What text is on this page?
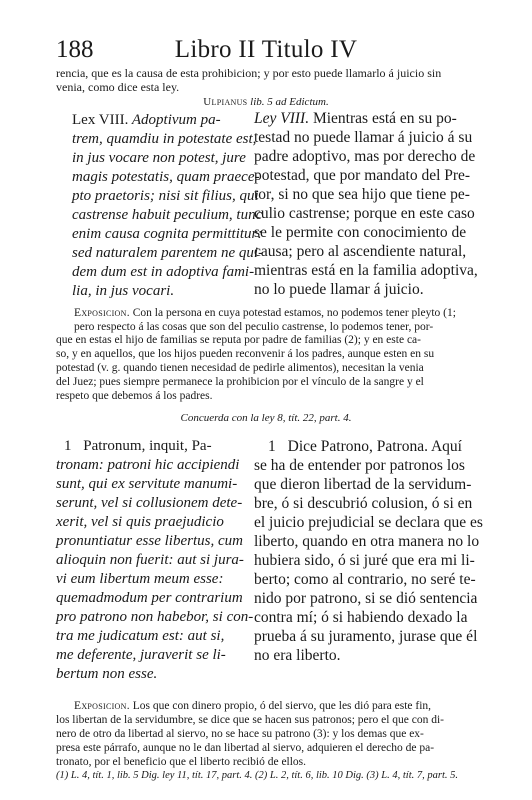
188	Libro II Titulo IV
rencia, que es la causa de esta prohibicion; y por esto puede llamarlo á juicio sin
venia, como dice esta ley.
Ulpianus lib. 5 ad Edictum.
Lex VIII. Adoptivum pa-
trem, quamdiu in potestate est,
in jus vocare non potest, jure
magis potestatis, quam praece-
pto praetoris; nisi sit filius, qui
castrense habuit peculium, tunc
enim causa cognita permittitur:
sed naturalem parentem ne qui-
dem dum est in adoptiva fami-
lia, in jus vocari.
Ley VIII. Mientras está en su po-
testad no puede llamar á juicio á su
padre adoptivo, mas por derecho de
potestad, que por mandato del Pre-
tor, si no que sea hijo que tiene pe-
culio castrense; porque en este caso
se le permite con conocimiento de
causa; pero al ascendiente natural,
mientras está en la familia adoptiva,
no lo puede llamar á juicio.
Exposicion. Con la persona en cuya potestad estamos, no podemos tener pleyto (1; pero respecto á las cosas que son del peculio castrense, lo podemos tener, por-
que en estas el hijo de familias se reputa por padre de familias (2); y en este ca-
so, y en aquellos, que los hijos pueden reconvenir á los padres, aunque esten en su
potestad (v. g. quando tienen necesidad de pedirle alimentos), necesitan la venia
del Juez; pues siempre permanece la prohibicion por el vínculo de la sangre y el
respeto que debemos á los padres.
Concuerda con la ley 8, tít. 22, part. 4.
1 Patronum, inquit, Pa-
tronam: patroni hic accipiendi
sunt, qui ex servitute manumi-
serunt, vel si collusionem dete-
xerit, vel si quis praejudicio
pronuntiatur esse libertus, cum
alioquin non fuerit: aut si jura-
vi eum libertum meum esse:
quemadmodum per contrarium
pro patrono non habebor, si con-
tra me judicatum est: aut si,
me deferente, juraverit se li-
bertum non esse.
1 Dice Patrono, Patrona. Aquí
se ha de entender por patronos los
que dieron libertad de la servidum-
bre, ó si descubrió colusion, ó si en
el juicio prejudicial se declara que es
liberto, quando en otra manera no lo
hubiera sido, ó si juré que era mi li-
berto; como al contrario, no seré te-
nido por patrono, si se dió sentencia
contra mí; ó si habiendo dexado la
prueba á su juramento, jurase que él
no era liberto.
Exposicion. Los que con dinero propio, ó del siervo, que les dió para este fin,
los libertan de la servidumbre, se dice que se hacen sus patronos; pero el que con di-
nero de otro da libertad al siervo, no se hace su patrono (3): y los demas que ex-
presa este párrafo, aunque no le dan libertad al siervo, adquieren el derecho de pa-
tronato, por el beneficio que el liberto recibió de ellos.
(1) L. 4, tít. 1, lib. 5 Dig. ley 11, tít. 17, part. 4. (2) L. 2, tít. 6, lib. 10 Dig. (3) L. 4, tít. 7, part. 5.
